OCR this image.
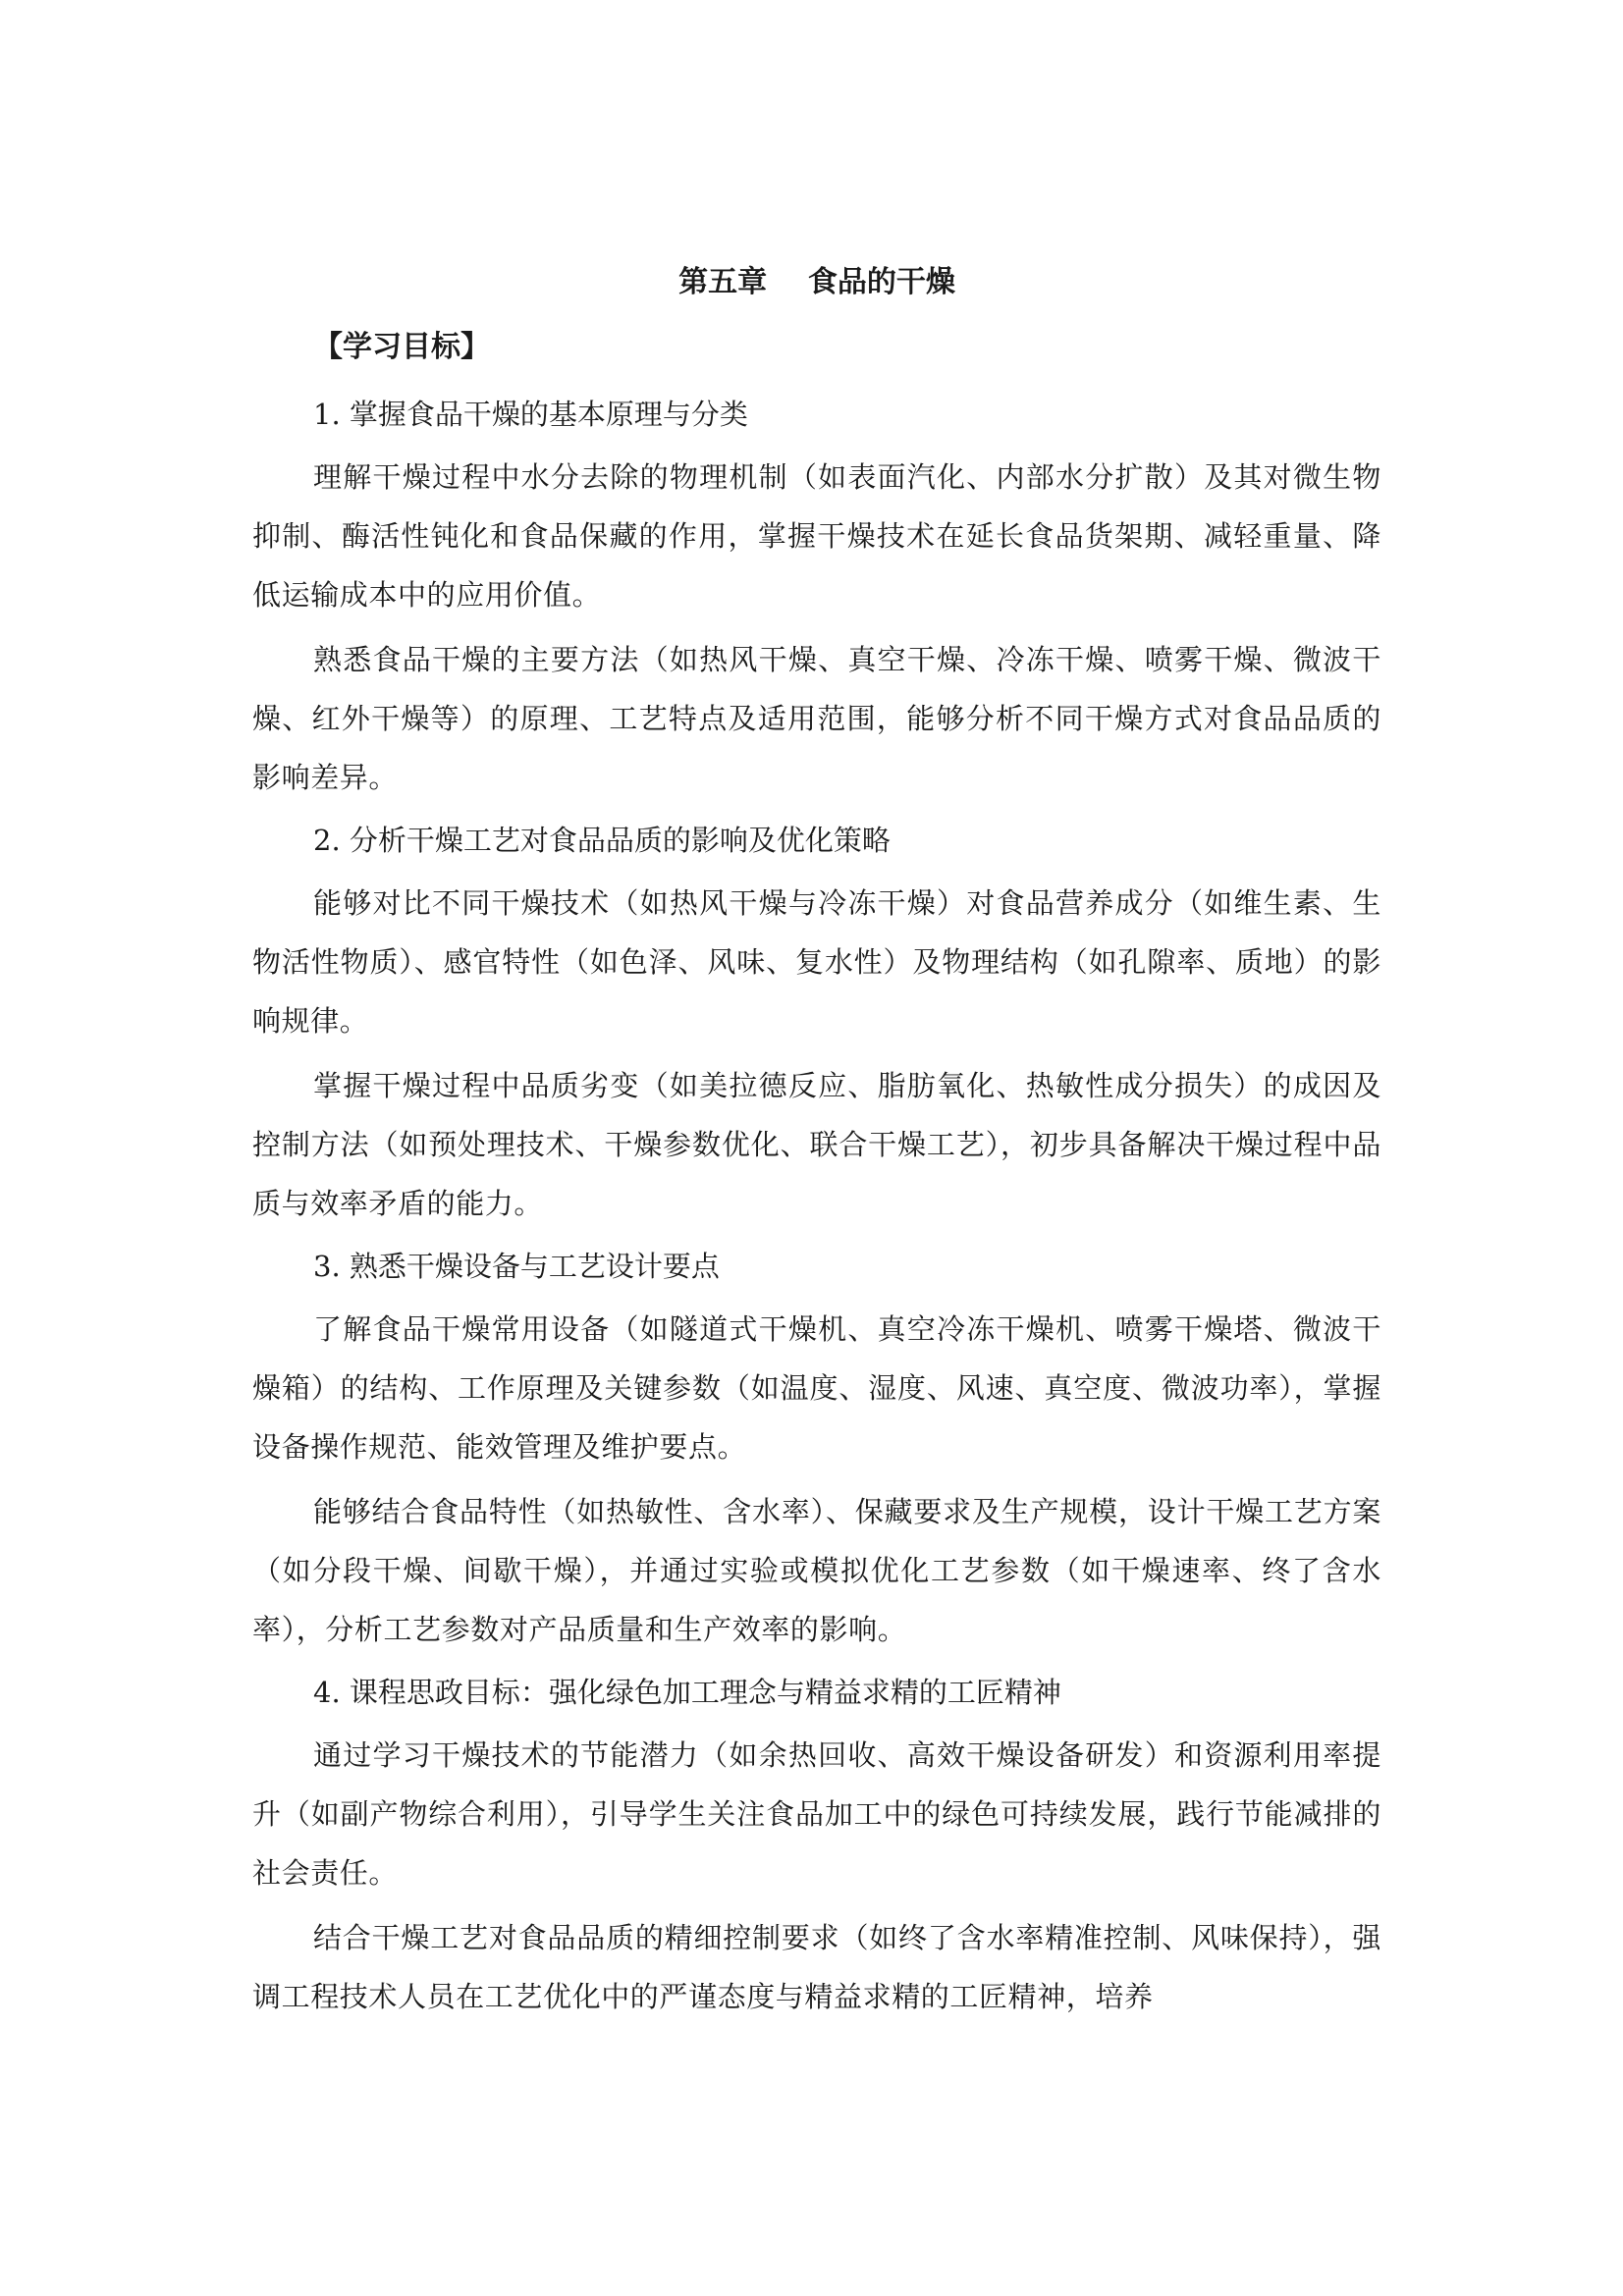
第五章    食品的干燥
【学习目标】
1. 掌握食品干燥的基本原理与分类
理解干燥过程中水分去除的物理机制（如表面汽化、内部水分扩散）及其对微生物抑制、酶活性钝化和食品保藏的作用，掌握干燥技术在延长食品货架期、减轻重量、降低运输成本中的应用价值。
熟悉食品干燥的主要方法（如热风干燥、真空干燥、冷冻干燥、喷雾干燥、微波干燥、红外干燥等）的原理、工艺特点及适用范围，能够分析不同干燥方式对食品品质的影响差异。
2. 分析干燥工艺对食品品质的影响及优化策略
能够对比不同干燥技术（如热风干燥与冷冻干燥）对食品营养成分（如维生素、生物活性物质）、感官特性（如色泽、风味、复水性）及物理结构（如孔隙率、质地）的影响规律。
掌握干燥过程中品质劣变（如美拉德反应、脂肪氧化、热敏性成分损失）的成因及控制方法（如预处理技术、干燥参数优化、联合干燥工艺），初步具备解决干燥过程中品质与效率矛盾的能力。
3. 熟悉干燥设备与工艺设计要点
了解食品干燥常用设备（如隧道式干燥机、真空冷冻干燥机、喷雾干燥塔、微波干燥箱）的结构、工作原理及关键参数（如温度、湿度、风速、真空度、微波功率），掌握设备操作规范、能效管理及维护要点。
能够结合食品特性（如热敏性、含水率）、保藏要求及生产规模，设计干燥工艺方案（如分段干燥、间歇干燥），并通过实验或模拟优化工艺参数（如干燥速率、终了含水率），分析工艺参数对产品质量和生产效率的影响。
4. 课程思政目标：强化绿色加工理念与精益求精的工匠精神
通过学习干燥技术的节能潜力（如余热回收、高效干燥设备研发）和资源利用率提升（如副产物综合利用），引导学生关注食品加工中的绿色可持续发展，践行节能减排的社会责任。
结合干燥工艺对食品品质的精细控制要求（如终了含水率精准控制、风味保持），强调工程技术人员在工艺优化中的严谨态度与精益求精的工匠精神，培养
